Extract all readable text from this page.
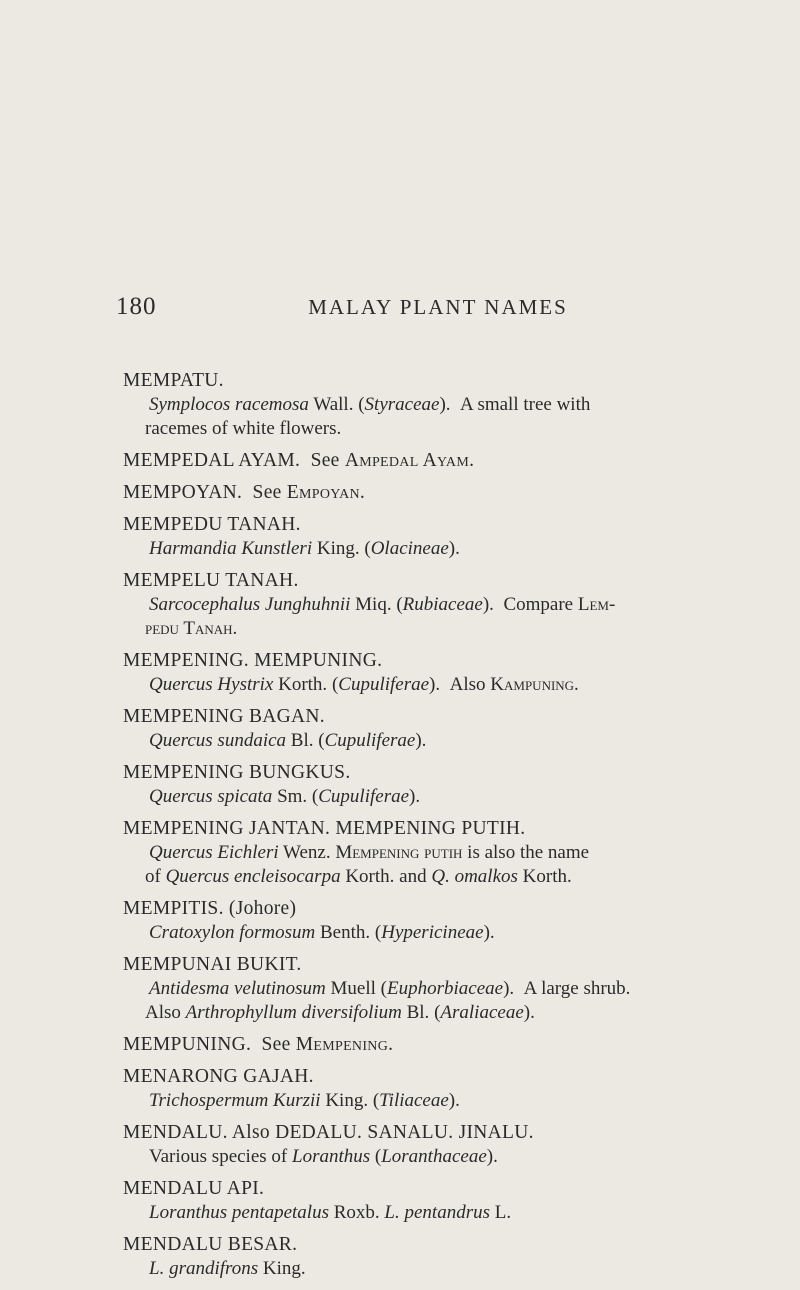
180	MALAY PLANT NAMES
MEMPATU.
Symplocos racemosa Wall. (Styraceae).  A small tree with
racemes of white flowers.
MEMPEDAL AYAM. See Ampedal Ayam.
MEMPOYAN. See Empoyan.
MEMPEDU TANAH.
Harmandia Kunstleri King. (Olacineae).
MEMPELU TANAH.
Sarcocephalus Junghuhnii Miq. (Rubiaceae).  Compare Lem-
pedu Tanah.
MEMPENING. MEMPUNING.
Quercus Hystrix Korth. (Cupuliferae).  Also Kampuning.
MEMPENING BAGAN.
Quercus sundaica Bl. (Cupuliferae).
MEMPENING BUNGKUS.
Quercus spicata Sm. (Cupuliferae).
MEMPENING JANTAN. MEMPENING PUTIH.
Quercus Eichleri Wenz. Mempening putih is also the name
of Quercus encleisocarpa Korth. and Q. omalkos Korth.
MEMPITIS. (Johore)
Cratoxylon formosum Benth. (Hypericineae).
MEMPUNAI BUKIT.
Antidesma velutinosum Muell (Euphorbiaceae).  A large shrub.
Also Arthrophyllum diversifolium Bl. (Araliaceae).
MEMPUNING. See Mempening.
MENARONG GAJAH.
Trichospermum Kurzii King. (Tiliaceae).
MENDALU. Also DEDALU. SANALU. JINALU.
Various species of Loranthus (Loranthaceae).
MENDALU API.
Loranthus pentapetalus Roxb. L. pentandrus L.
MENDALU BESAR.
L. grandifrons King.
